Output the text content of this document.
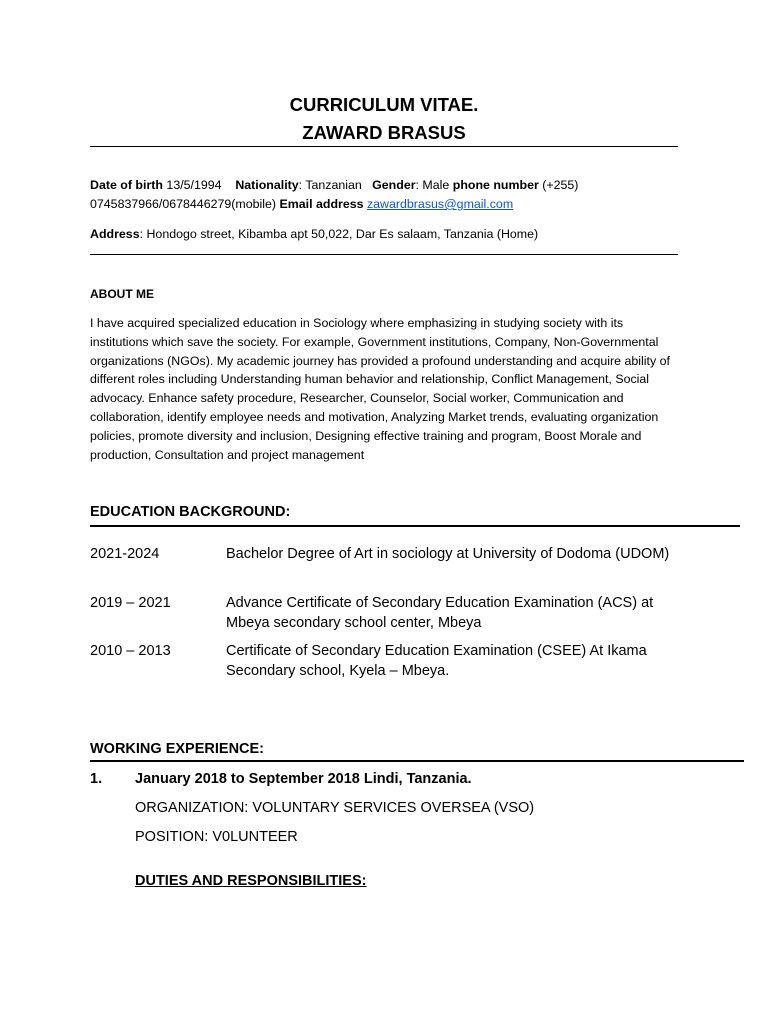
CURRICULUM VITAE.
ZAWARD BRASUS
Date of birth 13/5/1994 Nationality: Tanzanian Gender: Male phone number (+255) 0745837966/0678446279(mobile) Email address zawardbrasus@gmail.com
Address: Hondogo street, Kibamba apt 50,022, Dar Es salaam, Tanzania (Home)
ABOUT ME
I have acquired specialized education in Sociology where emphasizing in studying society with its institutions which save the society. For example, Government institutions, Company, Non-Governmental organizations (NGOs). My academic journey has provided a profound understanding and acquire ability of different roles including Understanding human behavior and relationship, Conflict Management, Social advocacy. Enhance safety procedure, Researcher, Counselor, Social worker, Communication and collaboration, identify employee needs and motivation, Analyzing Market trends, evaluating organization policies, promote diversity and inclusion, Designing effective training and program, Boost Morale and production, Consultation and project management
EDUCATION BACKGROUND:
2021-2024	Bachelor Degree of Art in sociology at University of Dodoma (UDOM)
2019 – 2021	Advance Certificate of Secondary Education Examination (ACS) at Mbeya secondary school center, Mbeya
2010 – 2013	Certificate of Secondary Education Examination (CSEE) At Ikama Secondary school, Kyela – Mbeya.
WORKING EXPERIENCE:
1. January 2018 to September 2018 Lindi, Tanzania.
ORGANIZATION: VOLUNTARY SERVICES OVERSEA (VSO)
POSITION: V0LUNTEER
DUTIES AND RESPONSIBILITIES:
